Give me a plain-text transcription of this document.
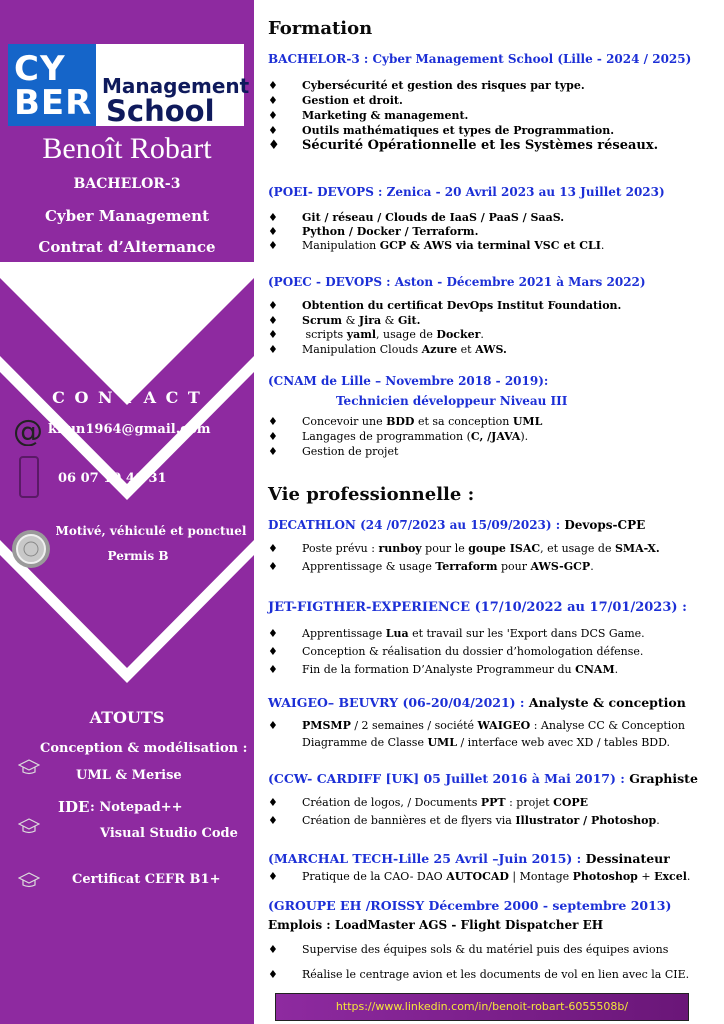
CY
BER Management
School
Benoît Robart
BACHELOR-3
Cyber Management
Contrat d’Alternance
C O N T A C T
@ khun1964@gmail.com
06 07 10 46 31
Motivé, véhiculé et ponctuel
Permis B
ATOUTS
Conception & modélisation :
UML & Merise
IDE : Notepad++
Visual Studio Code
Certificat CEFR B1+
Formation
BACHELOR-3 : Cyber Management School (Lille - 2024 / 2025)
♦ Cybersécurité et gestion des risques par type.
♦ Gestion et droit.
♦ Marketing & management.
♦ Outils mathématiques et types de Programmation.
♦ Sécurité Opérationnelle et les Systèmes réseaux.
(POEI- DEVOPS : Zenica - 20 Avril 2023 au 13 Juillet 2023)
♦ Git / réseau / Clouds de IaaS / PaaS / SaaS.
♦ Python / Docker / Terraform.
♦ Manipulation GCP & AWS via terminal VSC et CLI.
(POEC - DEVOPS : Aston - Décembre 2021 à Mars 2022)
♦ Obtention du certificat DevOps Institut Foundation.
♦ Scrum & Jira & Git.
♦ scripts yaml, usage de Docker.
♦ Manipulation Clouds Azure et AWS.
(CNAM de Lille – Novembre 2018 - 2019):
Technicien développeur Niveau III
♦ Concevoir une BDD et sa conception UML
♦ Langages de programmation (C, /JAVA).
♦ Gestion de projet
Vie professionnelle :
DECATHLON (24 /07/2023 au 15/09/2023) : Devops-CPE
♦ Poste prévu : runboy pour le goupe ISAC, et usage de SMA-X.
♦ Apprentissage & usage Terraform pour AWS-GCP.
JET-FIGTHER-EXPERIENCE (17/10/2022 au 17/01/2023) :
♦ Apprentissage Lua et travail sur les 'Export dans DCS Game.
♦ Conception & réalisation du dossier d’homologation défense.
♦ Fin de la formation D’Analyste Programmeur du CNAM.
WAIGEO– BEUVRY (06-20/04/2021) : Analyste & conception
♦ PMSMP / 2 semaines / société WAIGEO : Analyse CC & Conception
Diagramme de Classe UML / interface web avec XD / tables BDD.
(CCW- CARDIFF [UK] 05 Juillet 2016 à Mai 2017) : Graphiste
♦ Création de logos, / Documents PPT : projet COPE
♦ Création de bannières et de flyers via Illustrator / Photoshop.
(MARCHAL TECH-Lille 25 Avril –Juin 2015) : Dessinateur
♦ Pratique de la CAO- DAO AUTOCAD | Montage Photoshop + Excel.
(GROUPE EH /ROISSY Décembre 2000 - septembre 2013)
Emplois : LoadMaster AGS - Flight Dispatcher EH
♦ Supervise des équipes sols & du matériel puis des équipes avions
♦ Réalise le centrage avion et les documents de vol en lien avec la CIE.
https://www.linkedin.com/in/benoit-robart-6055508b/
